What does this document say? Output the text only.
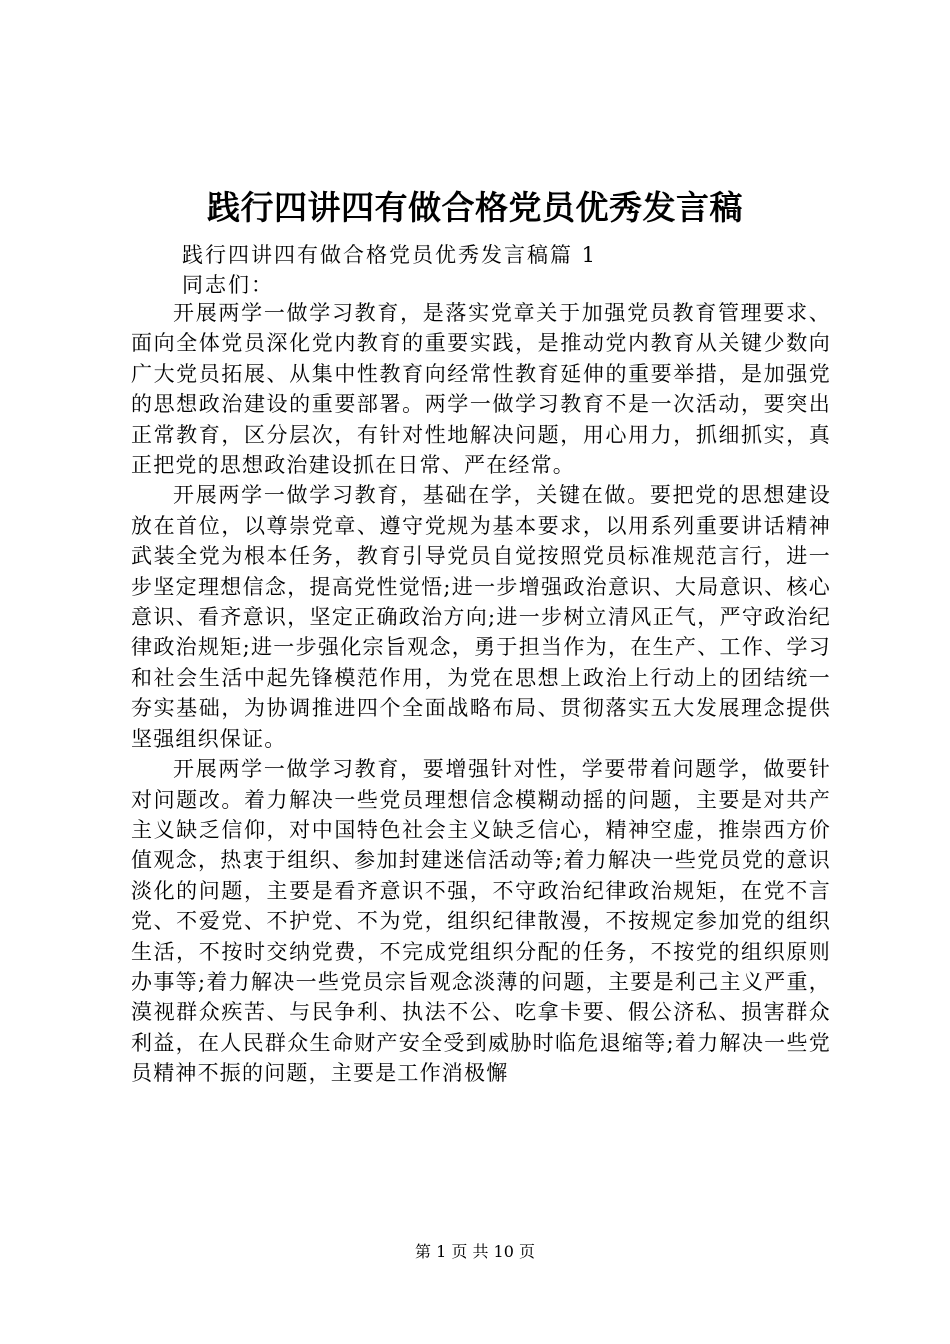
践行四讲四有做合格党员优秀发言稿
践行四讲四有做合格党员优秀发言稿篇 1
同志们：

开展两学一做学习教育，是落实党章关于加强党员教育管理要求、面向全体党员深化党内教育的重要实践，是推动党内教育从关键少数向广大党员拓展、从集中性教育向经常性教育延伸的重要举措，是加强党的思想政治建设的重要部署。两学一做学习教育不是一次活动，要突出正常教育，区分层次，有针对性地解决问题，用心用力，抓细抓实，真正把党的思想政治建设抓在日常、严在经常。

开展两学一做学习教育，基础在学，关键在做。要把党的思想建设放在首位，以尊崇党章、遵守党规为基本要求，以用系列重要讲话精神武装全党为根本任务，教育引导党员自觉按照党员标准规范言行，进一步坚定理想信念，提高党性觉悟;进一步增强政治意识、大局意识、核心意识、看齐意识，坚定正确政治方向;进一步树立清风正气，严守政治纪律政治规矩;进一步强化宗旨观念，勇于担当作为，在生产、工作、学习和社会生活中起先锋模范作用，为党在思想上政治上行动上的团结统一夯实基础，为协调推进四个全面战略布局、贯彻落实五大发展理念提供坚强组织保证。

开展两学一做学习教育，要增强针对性，学要带着问题学，做要针对问题改。着力解决一些党员理想信念模糊动摇的问题，主要是对共产主义缺乏信仰，对中国特色社会主义缺乏信心，精神空虚，推崇西方价值观念，热衷于组织、参加封建迷信活动等;着力解决一些党员党的意识淡化的问题，主要是看齐意识不强，不守政治纪律政治规矩，在党不言党、不爱党、不护党、不为党，组织纪律散漫，不按规定参加党的组织生活，不按时交纳党费，不完成党组织分配的任务，不按党的组织原则办事等;着力解决一些党员宗旨观念淡薄的问题，主要是利己主义严重，漠视群众疾苦、与民争利、执法不公、吃拿卡要、假公济私、损害群众利益，在人民群众生命财产安全受到威胁时临危退缩等;着力解决一些党员精神不振的问题，主要是工作消极懈

第 1 页 共 10 页
